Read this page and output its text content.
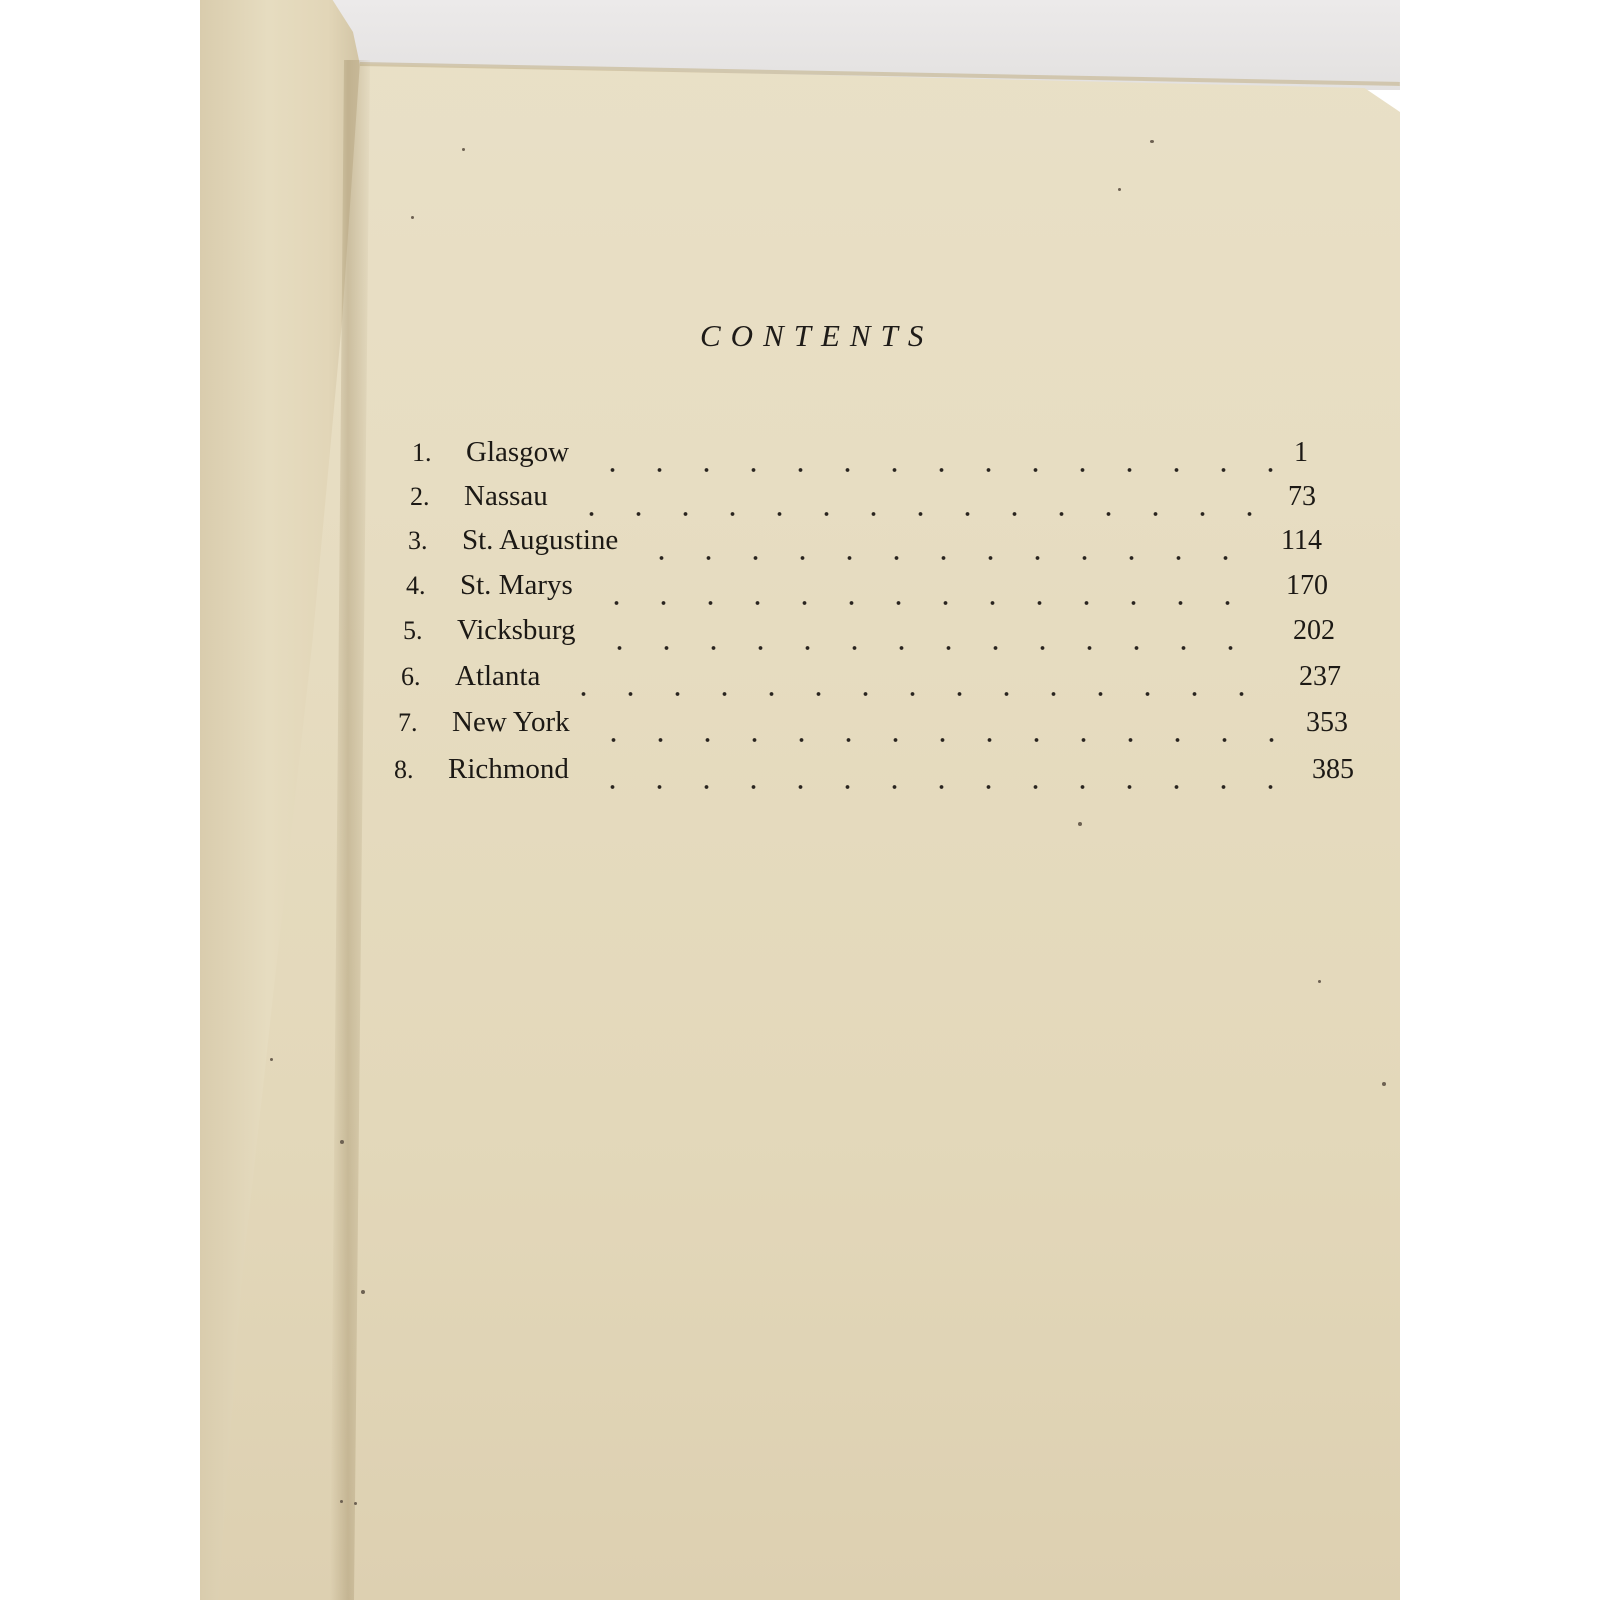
CONTENTS
1.	Glasgow	1
2.	Nassau	73
3.	St. Augustine	114
4.	St. Marys	170
5.	Vicksburg	202
6.	Atlanta	237
7.	New York	353
8.	Richmond	385
